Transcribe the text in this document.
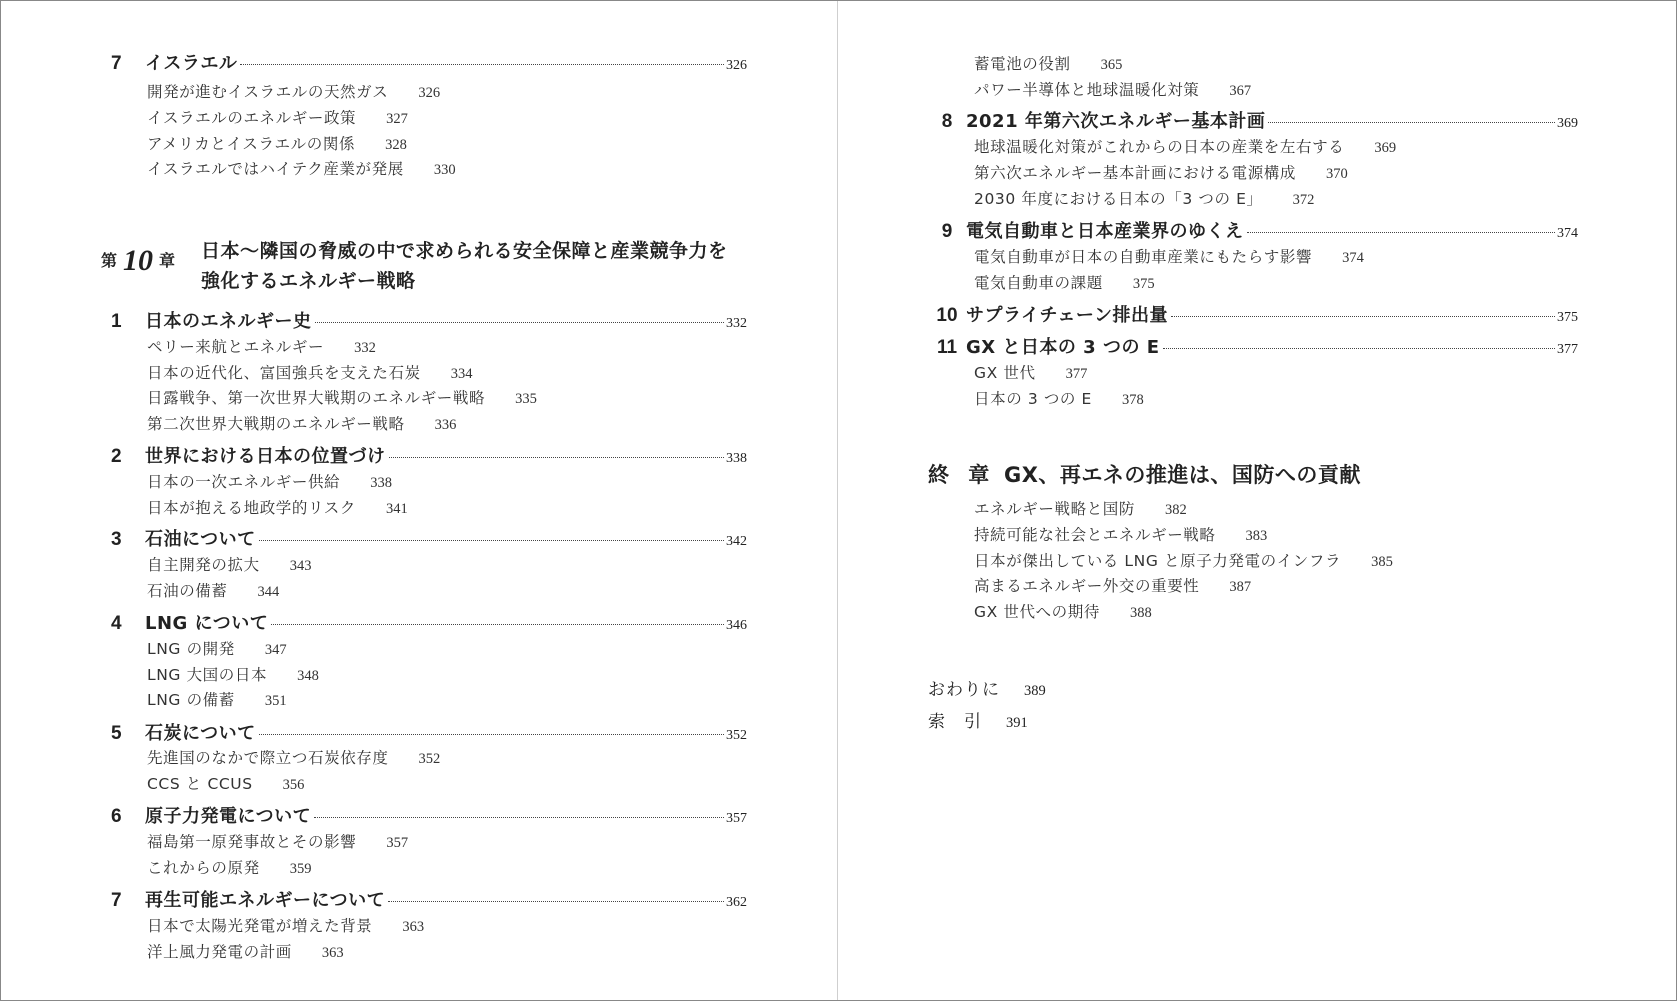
7	イスラエル	326
開発が進むイスラエルの天然ガス 326
イスラエルのエネルギー政策 327
アメリカとイスラエルの関係 328
イスラエルではハイテク産業が発展 330
第 10 章	日本〜隣国の脅威の中で求められる安全保障と産業競争力を強化するエネルギー戦略
1	日本のエネルギー史	332
ペリー来航とエネルギー 332
日本の近代化、富国強兵を支えた石炭 334
日露戦争、第一次世界大戦期のエネルギー戦略 335
第二次世界大戦期のエネルギー戦略 336
2	世界における日本の位置づけ	338
日本の一次エネルギー供給 338
日本が抱える地政学的リスク 341
3	石油について	342
自主開発の拡大 343
石油の備蓄 344
4	LNG について	346
LNG の開発 347
LNG 大国の日本 348
LNG の備蓄 351
5	石炭について	352
先進国のなかで際立つ石炭依存度 352
CCS と CCUS 356
6	原子力発電について	357
福島第一原発事故とその影響 357
これからの原発 359
7	再生可能エネルギーについて	362
日本で太陽光発電が増えた背景 363
洋上風力発電の計画 363
蓄電池の役割 365
パワー半導体と地球温暖化対策 367
8 2021 年第六次エネルギー基本計画	369
地球温暖化対策がこれからの日本の産業を左右する 369
第六次エネルギー基本計画における電源構成 370
2030 年度における日本の「3 つの E」 372
9 電気自動車と日本産業界のゆくえ	374
電気自動車が日本の自動車産業にもたらす影響 374
電気自動車の課題 375
10 サプライチェーン排出量	375
11 GX と日本の 3 つの E	377
GX 世代 377
日本の 3 つの E 378
終 章 GX、再エネの推進は、国防への貢献
エネルギー戦略と国防 382
持続可能な社会とエネルギー戦略 383
日本が傑出している LNG と原子力発電のインフラ 385
高まるエネルギー外交の重要性 387
GX 世代への期待 388
おわりに 389
索　引 391
